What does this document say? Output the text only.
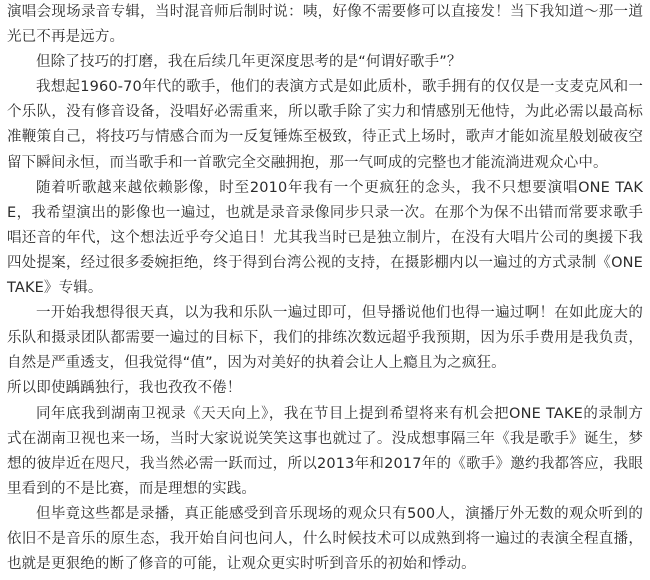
演唱会现场录音专辑，当时混音师后制时说：咦，好像不需要修可以直接发！当下我知道～那一道光已不再是远方。

但除了技巧的打磨，我在后续几年更深度思考的是“何谓好歌手”？

我想起1960-70年代的歌手，他们的表演方式是如此质朴，歌手拥有的仅仅是一支麦克风和一个乐队，没有修音设备，没唱好必需重来，所以歌手除了实力和情感别无他恃，为此必需以最高标准鞭策自己，将技巧与情感合而为一反复锤炼至极致，待正式上场时，歌声才能如流星般划破夜空留下瞬间永恒，而当歌手和一首歌完全交融拥抱，那一气呵成的完整也才能流淌进观众心中。

随着听歌越来越依赖影像，时至2010年我有一个更疯狂的念头，我不只想要演唱ONE TAKE，我希望演出的影像也一遍过，也就是录音录像同步只录一次。在那个为保不出错而常要求歌手唱还音的年代，这个想法近乎夸父追日！尤其我当时已是独立制片，在没有大唱片公司的奥援下我四处提案，经过很多委婉拒绝，终于得到台湾公视的支持，在摄影棚内以一遍过的方式录制《ONE TAKE》专辑。

一开始我想得很天真，以为我和乐队一遍过即可，但导播说他们也得一遍过啊！在如此庞大的乐队和摄录团队都需要一遍过的目标下，我们的排练次数远超乎我预期，因为乐手费用是我负责，自然是严重透支，但我觉得“值”，因为对美好的执着会让人上瘾且为之疯狂。

所以即使踽踽独行，我也孜孜不倦！

同年底我到湖南卫视录《天天向上》，我在节目上提到希望将来有机会把ONE TAKE的录制方式在湖南卫视也来一场，当时大家说说笑笑这事也就过了。没成想事隔三年《我是歌手》诞生，梦想的彼岸近在咫尺，我当然必需一跃而过，所以2013年和2017年的《歌手》邀约我都答应，我眼里看到的不是比赛，而是理想的实践。

但毕竟这些都是录播，真正能感受到音乐现场的观众只有500人，演播厅外无数的观众听到的依旧不是音乐的原生态，我开始自问也问人，什么时候技术可以成熟到将一遍过的表演全程直播，也就是更狠绝的断了修音的可能，让观众更实时听到音乐的初始和悸动。
